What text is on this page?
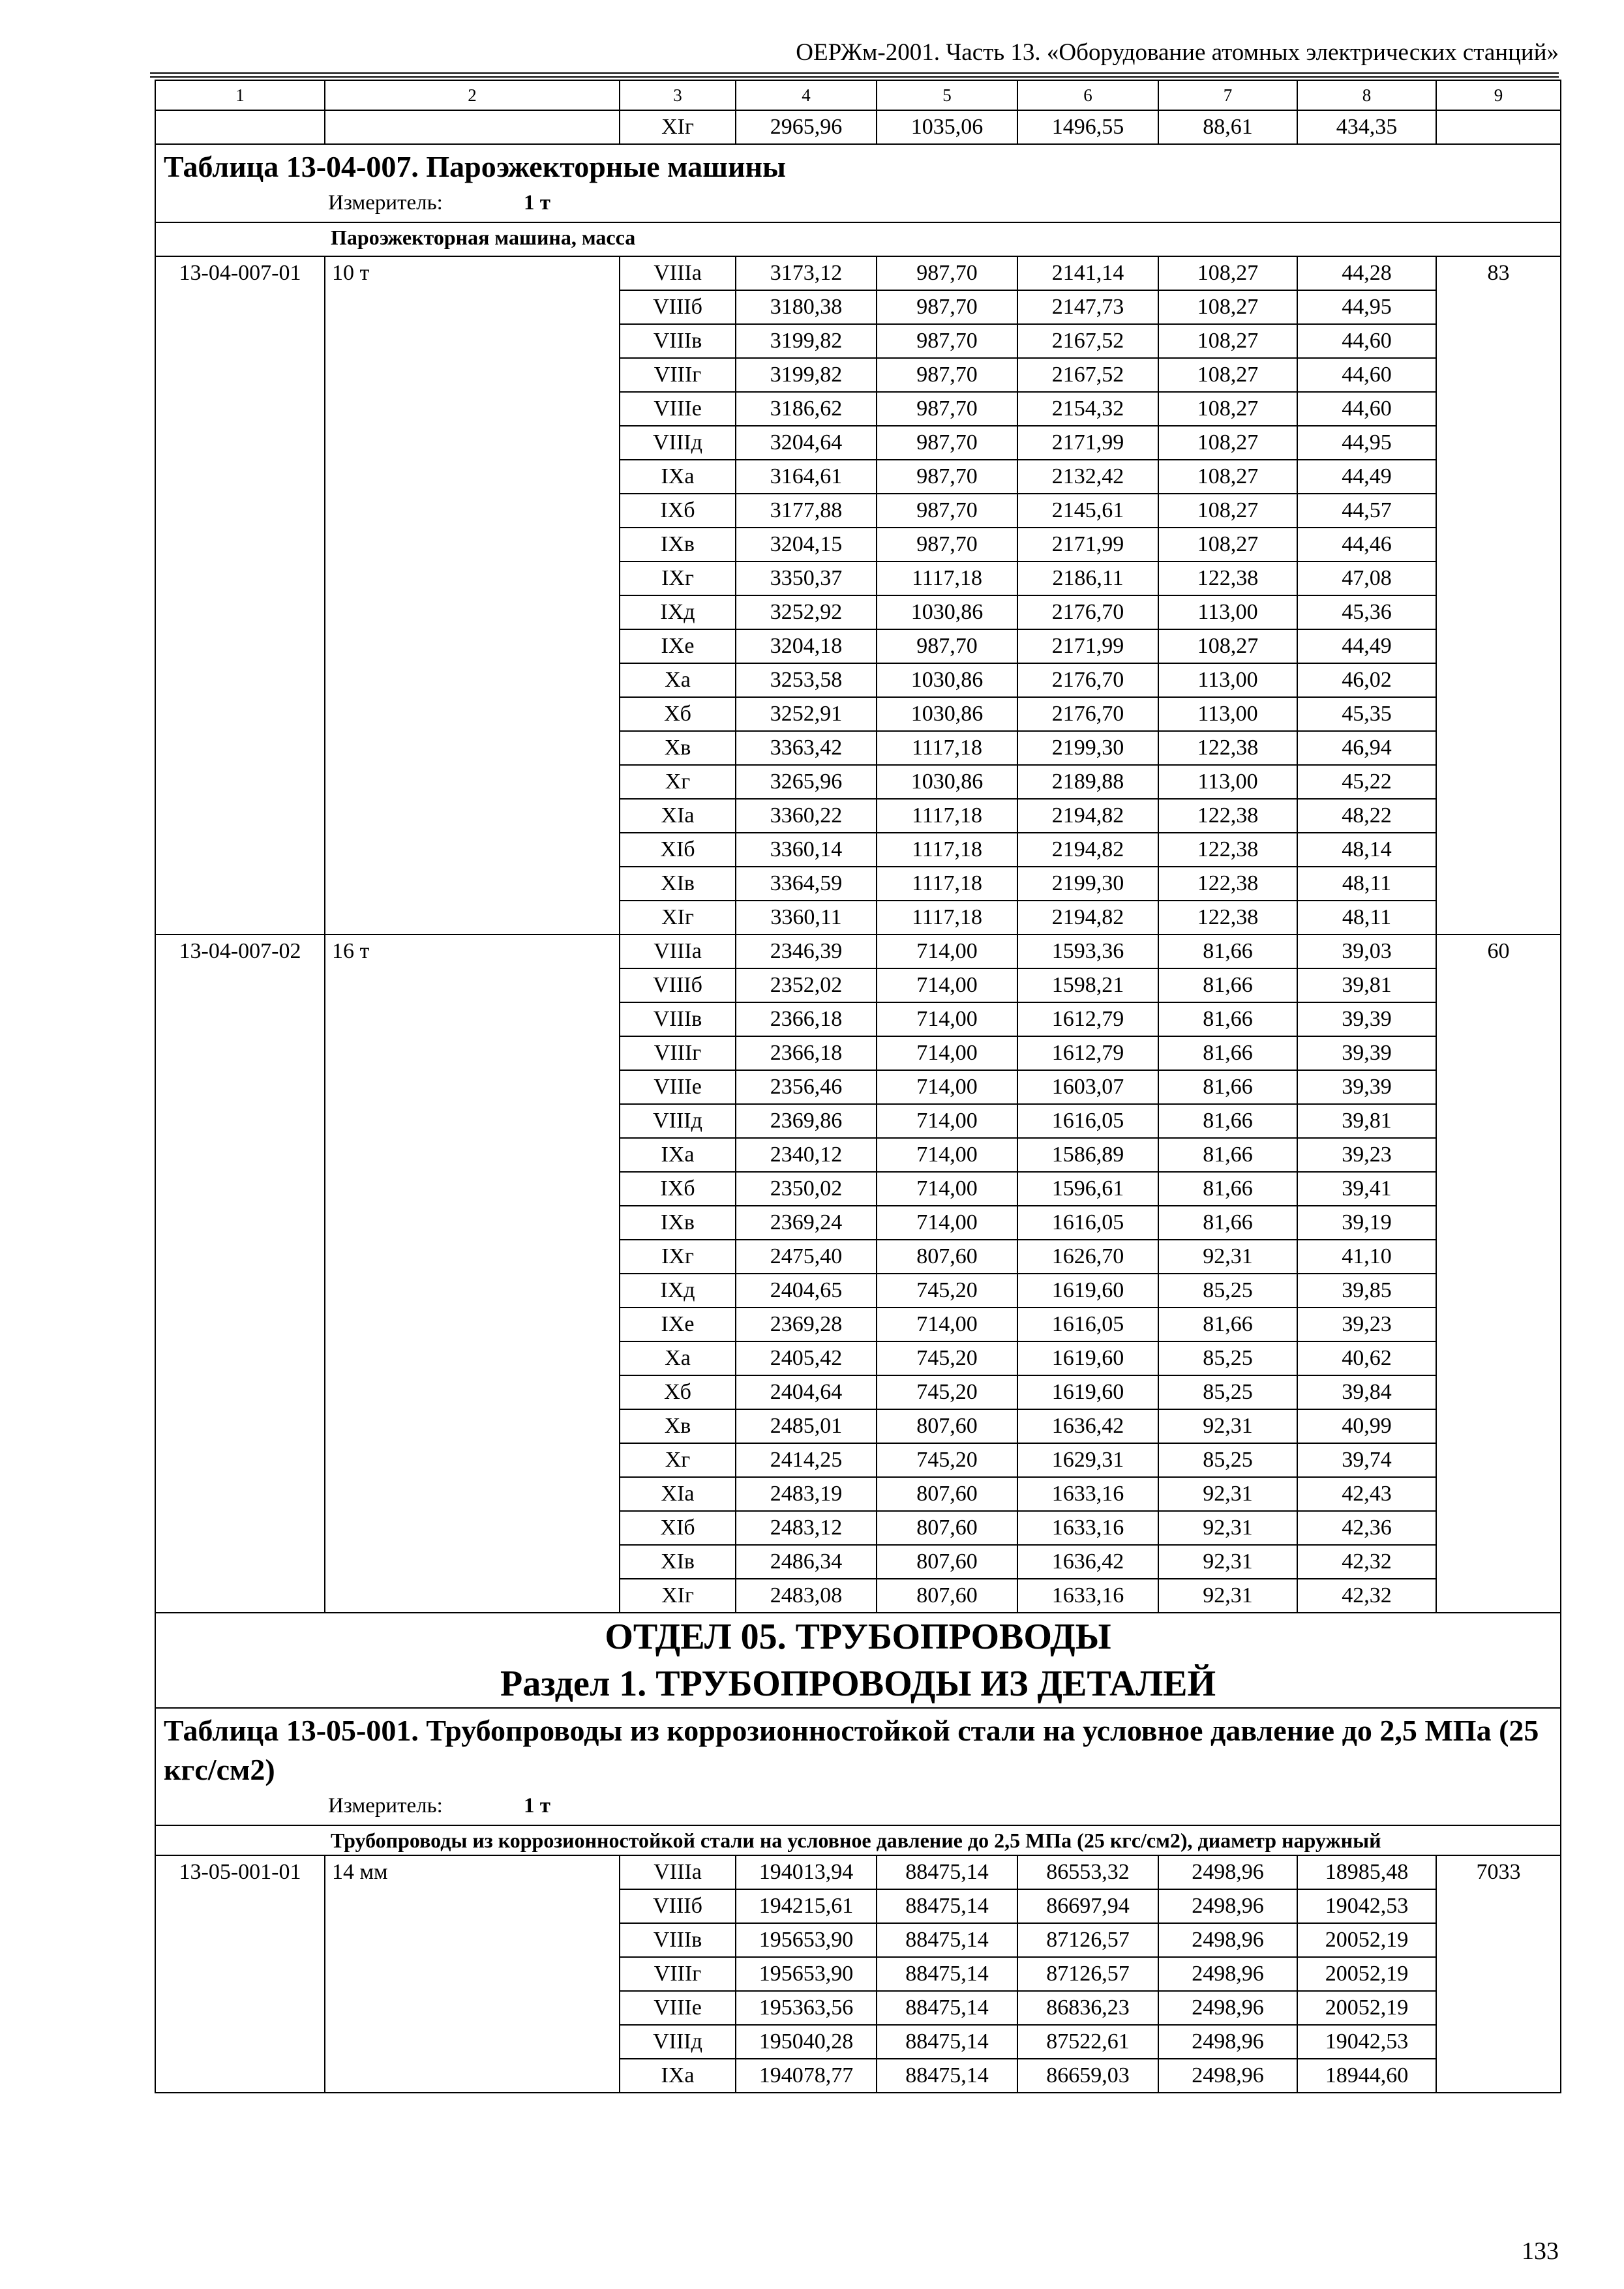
ОЕРЖм-2001. Часть 13. «Оборудование атомных электрических станций»
1	2	3	4	5	6	7	8	9
		XIг	2965,96	1035,06	1496,55	88,61	434,35	

Таблица 13-04-007. Пароэжекторные машины
Измеритель: 1 т								

Пароэжекторная машина, масса								
13-04-007-01	10 т	VIIIа	3173,12	987,70	2141,14	108,27	44,28	83
		VIIIб	3180,38	987,70	2147,73	108,27	44,95	
		VIIIв	3199,82	987,70	2167,52	108,27	44,60	
		VIIIг	3199,82	987,70	2167,52	108,27	44,60	
		VIIIе	3186,62	987,70	2154,32	108,27	44,60	
		VIIIд	3204,64	987,70	2171,99	108,27	44,95	
		IXа	3164,61	987,70	2132,42	108,27	44,49	
		IXб	3177,88	987,70	2145,61	108,27	44,57	
		IXв	3204,15	987,70	2171,99	108,27	44,46	
		IXг	3350,37	1117,18	2186,11	122,38	47,08	
		IXд	3252,92	1030,86	2176,70	113,00	45,36	
		IXе	3204,18	987,70	2171,99	108,27	44,49	
		Xа	3253,58	1030,86	2176,70	113,00	46,02	
		Xб	3252,91	1030,86	2176,70	113,00	45,35	
		Xв	3363,42	1117,18	2199,30	122,38	46,94	
		Xг	3265,96	1030,86	2189,88	113,00	45,22	
		XIа	3360,22	1117,18	2194,82	122,38	48,22	
		XIб	3360,14	1117,18	2194,82	122,38	48,14	
		XIв	3364,59	1117,18	2199,30	122,38	48,11	
		XIг	3360,11	1117,18	2194,82	122,38	48,11	
13-04-007-02	16 т	VIIIа	2346,39	714,00	1593,36	81,66	39,03	60
		VIIIб	2352,02	714,00	1598,21	81,66	39,81	
		VIIIв	2366,18	714,00	1612,79	81,66	39,39	
		VIIIг	2366,18	714,00	1612,79	81,66	39,39	
		VIIIе	2356,46	714,00	1603,07	81,66	39,39	
		VIIIд	2369,86	714,00	1616,05	81,66	39,81	
		IXа	2340,12	714,00	1586,89	81,66	39,23	
		IXб	2350,02	714,00	1596,61	81,66	39,41	
		IXв	2369,24	714,00	1616,05	81,66	39,19	
		IXг	2475,40	807,60	1626,70	92,31	41,10	
		IXд	2404,65	745,20	1619,60	85,25	39,85	
		IXе	2369,28	714,00	1616,05	81,66	39,23	
		Xа	2405,42	745,20	1619,60	85,25	40,62	
		Xб	2404,64	745,20	1619,60	85,25	39,84	
		Xв	2485,01	807,60	1636,42	92,31	40,99	
		Xг	2414,25	745,20	1629,31	85,25	39,74	
		XIа	2483,19	807,60	1633,16	92,31	42,43	
		XIб	2483,12	807,60	1633,16	92,31	42,36	
		XIв	2486,34	807,60	1636,42	92,31	42,32	
		XIг	2483,08	807,60	1633,16	92,31	42,32	

ОТДЕЛ 05. ТРУБОПРОВОДЫ
Раздел 1. ТРУБОПРОВОДЫ ИЗ ДЕТАЛЕЙ								

Таблица 13-05-001. Трубопроводы из коррозионностойкой стали на условное давление до 2,5 МПа (25 кгс/см2)
Измеритель: 1 т								

Трубопроводы из коррозионностойкой стали на условное давление до 2,5 МПа (25 кгс/см2), диаметр наружный								
13-05-001-01	14 мм	VIIIа	194013,94	88475,14	86553,32	2498,96	18985,48	7033
		VIIIб	194215,61	88475,14	86697,94	2498,96	19042,53	
		VIIIв	195653,90	88475,14	87126,57	2498,96	20052,19	
		VIIIг	195653,90	88475,14	87126,57	2498,96	20052,19	
		VIIIе	195363,56	88475,14	86836,23	2498,96	20052,19	
		VIIIд	195040,28	88475,14	87522,61	2498,96	19042,53	
		IXа	194078,77	88475,14	86659,03	2498,96	18944,60	
133
